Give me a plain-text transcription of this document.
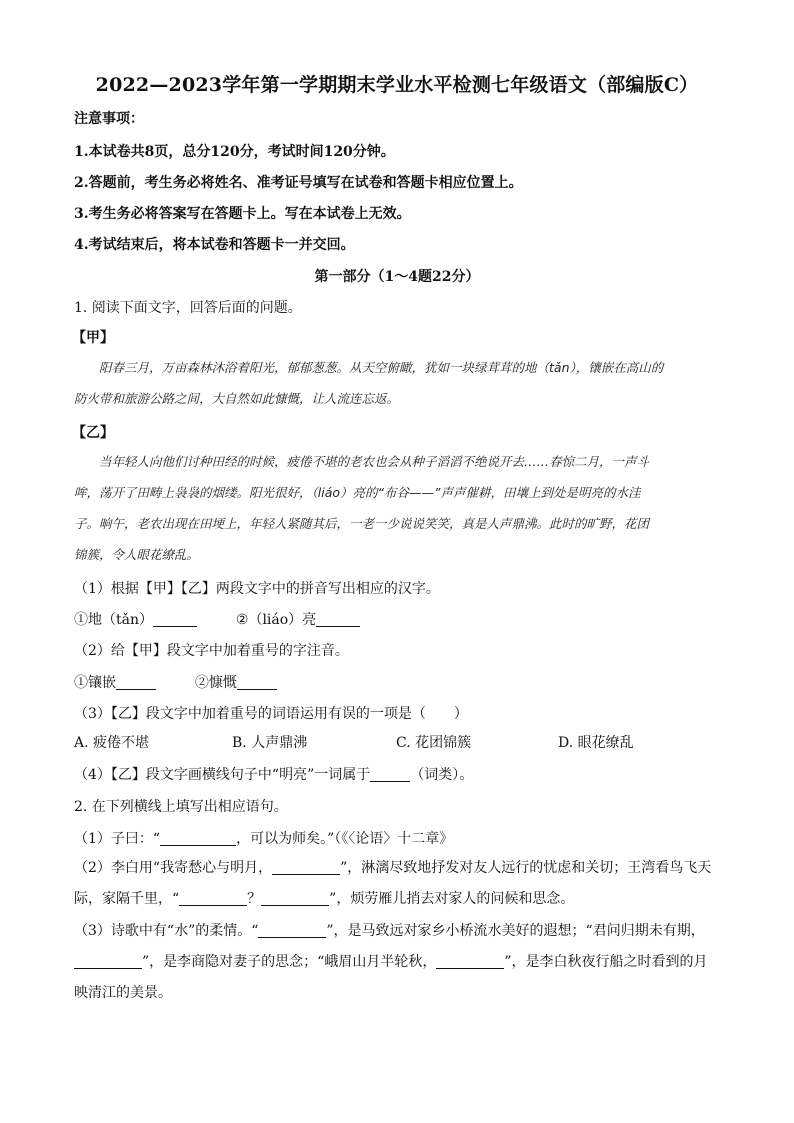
2022—2023学年第一学期期末学业水平检测七年级语文（部编版C）
注意事项：
1.本试卷共8页，总分120分，考试时间120分钟。
2.答题前，考生务必将姓名、准考证号填写在试卷和答题卡相应位置上。
3.考生务必将答案写在答题卡上。写在本试卷上无效。
4.考试结束后，将本试卷和答题卡一并交回。
第一部分（1～4题22分）
1. 阅读下面文字，回答后面的问题。
【甲】

阳春三月，万亩森林沐浴着阳光，郁郁葱葱。从天空俯瞰，犹如一块绿茸茸的地（tǎn），镶嵌在高山的

防火带和旅游公路之间，大自然如此慷慨，让人流连忘返。

【乙】

当年轻人向他们讨种田经的时候，疲倦不堪的老农也会从种子滔滔不绝说开去……春惊二月，一声斗

哞，荡开了田畴上袅袅的烟缕。阳光很好，（liáo）亮的“布谷——”声声催耕，田壤上到处是明亮的水洼

子。晌午，老农出现在田埂上，年轻人紧随其后，一老一少说说笑笑，真是人声鼎沸。此时的旷野，花团

锦簇，令人眼花缭乱。

（1）根据【甲】【乙】两段文字中的拼音写出相应的汉字。
①地（tǎn）	②（liáo）亮
（2）给【甲】段文字中加着重号的字注音。
①镶嵌	②慷慨
（3）【乙】段文字中加着重号的词语运用有误的一项是（　　）
A. 疲倦不堪	B. 人声鼎沸	C. 花团锦簇	D. 眼花缭乱
（4）【乙】段文字画横线句子中“明亮”一词属于	（词类）。
2. 在下列横线上填写出相应语句。
（1）子曰：“	，可以为师矣。”（《〈论语〉十二章》
（2）李白用“我寄愁心与明月，	”，淋漓尽致地抒发对友人远行的忧虑和关切；王湾看鸟飞天
际，家隔千里，“	？	”，烦劳雁儿捎去对家人的问候和思念。
（3）诗歌中有“水”的柔情。“	”，是马致远对家乡小桥流水美好的遐想；“君问归期未有期，
”，是李商隐对妻子的思念；“峨眉山月半轮秋，	”，是李白秋夜行船之时看到的月
映清江的美景。
